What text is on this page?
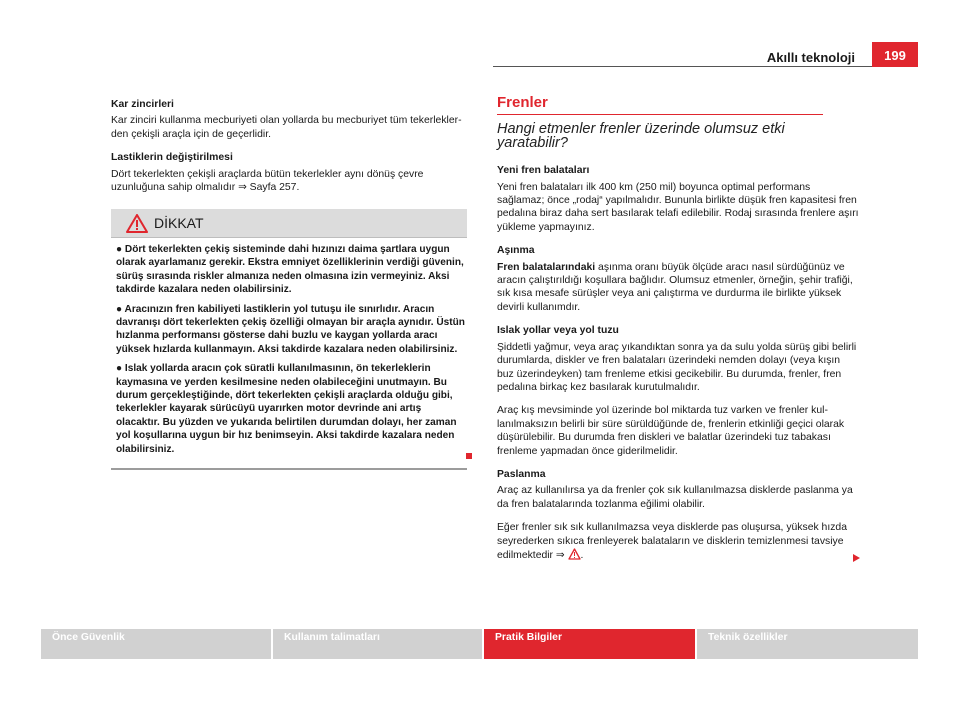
Akıllı teknoloji	199

Kar zincirleri

Kar zinciri kullanma mecburiyeti olan yollarda bu mecburiyet tüm tekerleklerden çekişli araçla için de geçerlidir.

Lastiklerin değiştirilmesi

Dört tekerlekten çekişli araçlarda bütün tekerlekler aynı dönüş çevre uzunluğuna sahip olmalıdır ⇒ Sayfa 257.

DİKKAT

● Dört tekerlekten çekiş sisteminde dahi hızınızı daima şartlara uygun olarak ayarlamanız gerekir. Ekstra emniyet özelliklerinin verdiği güvenin, sürüş sırasında riskler almanıza neden olmasına izin vermeyiniz. Aksi takdirde kazalara neden olabilirsiniz.

● Aracınızın fren kabiliyeti lastiklerin yol tutuşu ile sınırlıdır. Aracın davranışı dört tekerlekten çekiş özelliği olmayan bir araçla aynıdır. Üstün hızlanma performansı gösterse dahi buzlu ve kaygan yollarda aracı yüksek hızlarda kullanmayın. Aksi takdirde kazalara neden olabilirsiniz.

● Islak yollarda aracın çok süratli kullanılmasının, ön tekerleklerin kaymasına ve yerden kesilmesine neden olabileceğini unutmayın. Bu durum gerçekleştiğinde, dört tekerlekten çekişli araçlarda olduğu gibi, tekerlekler kayarak sürücüyü uyarırken motor devrinde ani artış olacaktır. Bu yüzden ve yukarıda belirtilen durumdan dolayı, her zaman yol koşullarına uygun bir hız benimseyin. Aksi takdirde kazalara neden olabilirsiniz.

Frenler
Hangi etmenler frenler üzerinde olumsuz etki yaratabilir?

Yeni fren balataları

Yeni fren balataları ilk 400 km (250 mil) boyunca optimal performans sağlamaz; önce „rodaj“ yapılmalıdır. Bununla birlikte düşük fren kapasitesi fren pedalına biraz daha sert basılarak telafi edilebilir. Rodaj sırasında frenlere aşırı yükleme yapmayınız.

Aşınma

Fren balatalarındaki aşınma oranı büyük ölçüde aracı nasıl sürdüğünüz ve aracın çalıştırıldığı koşullara bağlıdır. Olumsuz etmenler, örneğin, şehir trafiği, sık kısa mesafe sürüşler veya ani çalıştırma ve durdurma ile birlikte yüksek devirli kullanımdır.

Islak yollar veya yol tuzu

Şiddetli yağmur, veya araç yıkandıktan sonra ya da sulu yolda sürüş gibi belirli durumlarda, diskler ve fren balataları üzerindeki nemden dolayı (veya kışın buz üzerindeyken) tam frenleme etkisi gecikebilir. Bu durumda, frenler, fren pedalına birkaç kez basılarak kurutulmalıdır.

Araç kış mevsiminde yol üzerinde bol miktarda tuz varken ve frenler kullanılmaksızın belirli bir süre sürüldüğünde de, frenlerin etkinliği geçici olarak düşürülebilir. Bu durumda fren diskleri ve balatlar üzerindeki tuz tabakası frenleme yapmadan önce giderilmelidir.

Paslanma

Araç az kullanılırsa ya da frenler çok sık kullanılmazsa disklerde paslanma ya da fren balatalarında tozlanma eğilimi olabilir.

Eğer frenler sık sık kullanılmazsa veya disklerde pas oluşursa, yüksek hızda seyrederken sıkıca frenleyerek balataların ve disklerin temizlenmesi tavsiye edilmektedir ⇒ .

Önce Güvenlik	Kullanım talimatları	Pratik Bilgiler	Teknik özellikler
